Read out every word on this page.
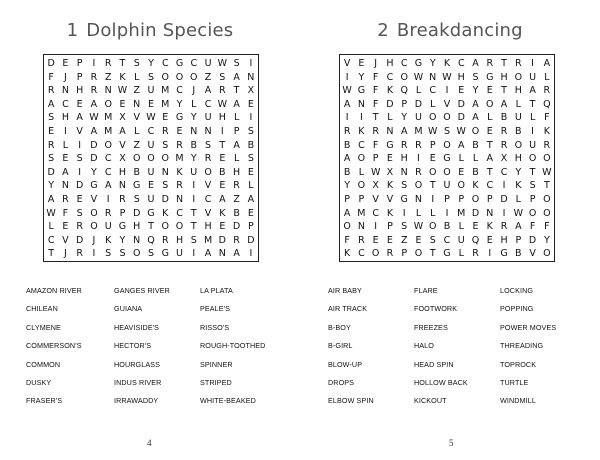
1 Dolphin Species
D E P	I	R T S Y C G C U W S	I
F	J	P R Z K L S O O O Z S A N
R N H R N W Z U M C	J	A R T X
A C E A O E N E M Y L C W A E
S H A W M X V W E G Y U H L	I
E	I	V A M A L C R E N N I	P S
R L	I D O V Z U S R B S T A B
S E S D C X O O O M Y R E L S
D A	I	Y C H B U N K U O B H E
Y N D G A N G E S R	I	V E R L
A R E V	I	R S U D N I	C A Z A
W F S O R P D G K C T V K B E
L E R O U G H T O O T H E D P
C V D J	K Y N Q R H S M D R D
T	J	R	I	S S O S G U I	A N A	I
AMAZON RIVER	GANGES RIVER	LA PLATA
CHILEAN	GUIANA	PEALE'S
CLYMENE	HEAVISIDE'S	RISSO'S
COMMERSON'S	HECTOR'S	ROUGH-TOOTHED
COMMON	HOURGLASS	SPINNER
DUSKY	INDUS RIVER	STRIPED
FRASER'S	IRRAWADDY	WHITE-BEAKED
4
2 Breakdancing
V E	J H C G Y K C A R T R	I	A
I	Y F C O W N W H S G H O U L
W G F K Q L C	I	E Y E T H A R
A N F D P D L V D A O A L T Q
I	I	T L Y U O O D A L B U L F
R K R N A M W S W O E R B	I	K
B C F G R R P O A B T R O U R
A O P E H I	E G L L A X H O O
B L W X N R O O E B T C Y T W
Y O X K S O T U O K C	I	K S T
P P V V G N I	P P O P D L P O
A M C K	I	L L	I M D N I W O O
O N I	P S W O B L E K R A F F
F R E E Z E S C U Q E H P D Y
K C O R P O T G L R	I G B V O
AIR BABY	FLARE	LOCKING
AIR TRACK	FOOTWORK	POPPING
B-BOY	FREEZES	POWER MOVES
B-GIRL	HALO	THREADING
BLOW-UP	HEAD SPIN	TOPROCK
DROPS	HOLLOW BACK	TURTLE
ELBOW SPIN	KICKOUT	WINDMILL
5
